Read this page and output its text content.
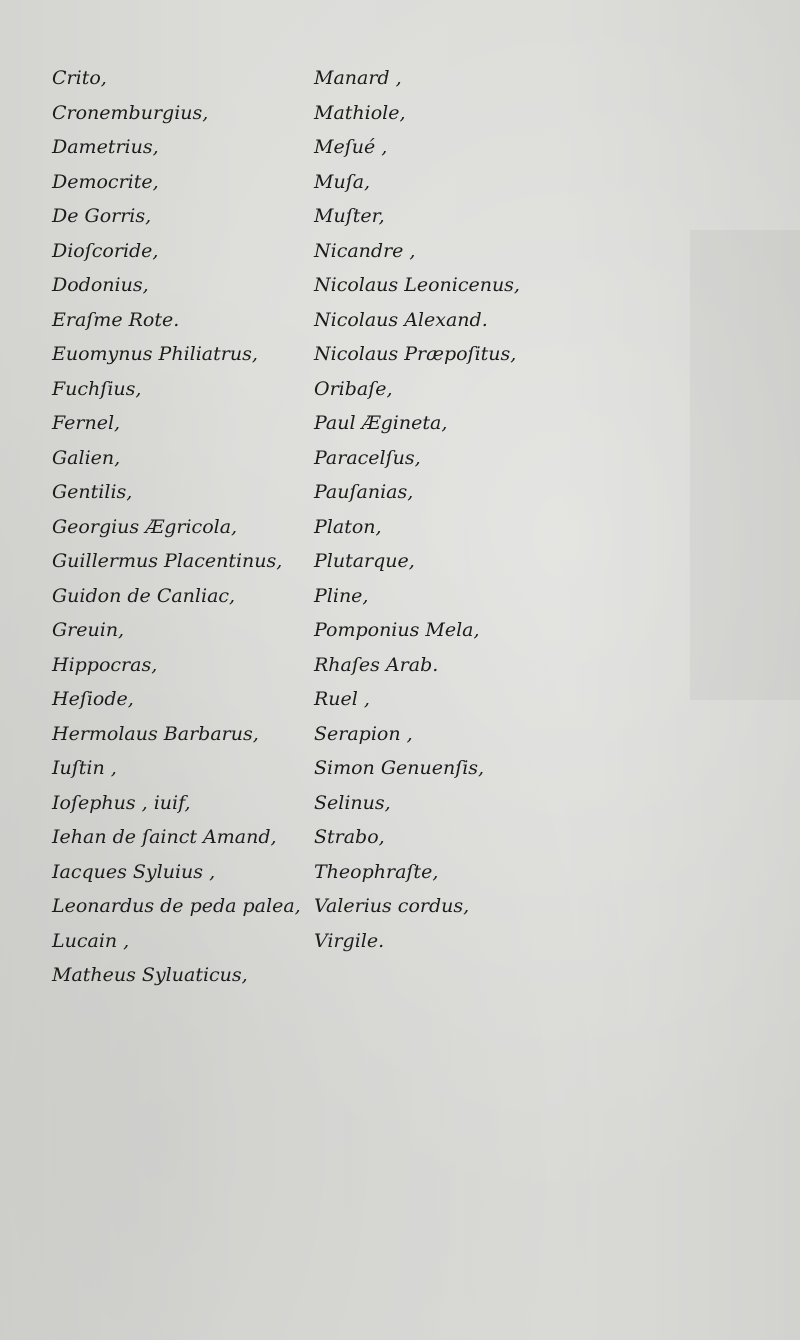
Crito,
Cronemburgius,
Dametrius,
Democrite,
De Gorris,
Dioſcoride,
Dodonius,
Eraſme Rote.
Euomynus Philiatrus,
Fuchſius,
Fernel,
Galien,
Gentilis,
Georgius Ægricola,
Guillermus Placentinus,
Guidon de Canliac,
Greuin,
Hippocras,
Heſiode,
Hermolaus Barbarus,
Iuſtin ,
Ioſephus , iuif,
Iehan de ſainct Amand,
Iacques Syluius ,
Leonardus de peda palea,
Lucain ,
Matheus Syluaticus,
Manard ,
Mathiole,
Meſué ,
Muſa,
Muſter,
Nicandre ,
Nicolaus Leonicenus,
Nicolaus Alexand.
Nicolaus Præpoſitus,
Oribaſe,
Paul Ægineta,
Paracelſus,
Pauſanias,
Platon,
Plutarque,
Pline,
Pomponius Mela,
Rhaſes Arab.
Ruel ,
Serapion ,
Simon Genuenſis,
Selinus,
Strabo,
Theophraſte,
Valerius cordus,
Virgile.
